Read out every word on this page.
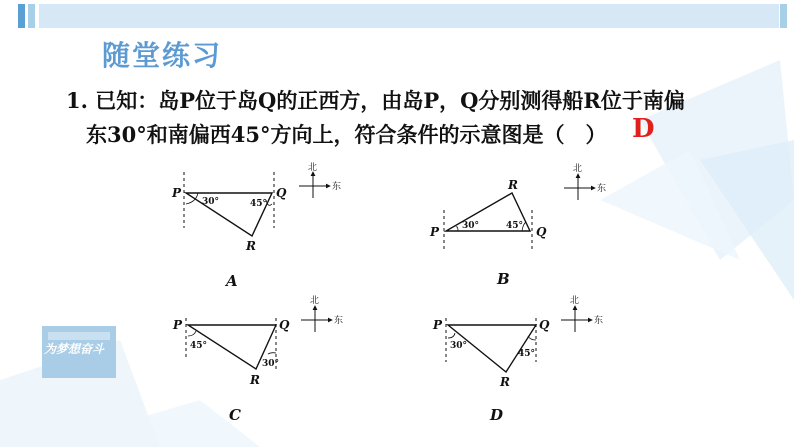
为梦想奋斗
随堂练习
1. 已知：岛P位于岛Q的正西方，由岛P，Q分别测得船R位于南偏
东30°和南偏西45°方向上，符合条件的示意图是（　） D
P	Q
R
30°	45°
北
东
P	Q
R
30°	45°
北
东
P	Q
R
45°
30°
北
东	P	Q
R
30°
45°
北
东
A	B
C	D
